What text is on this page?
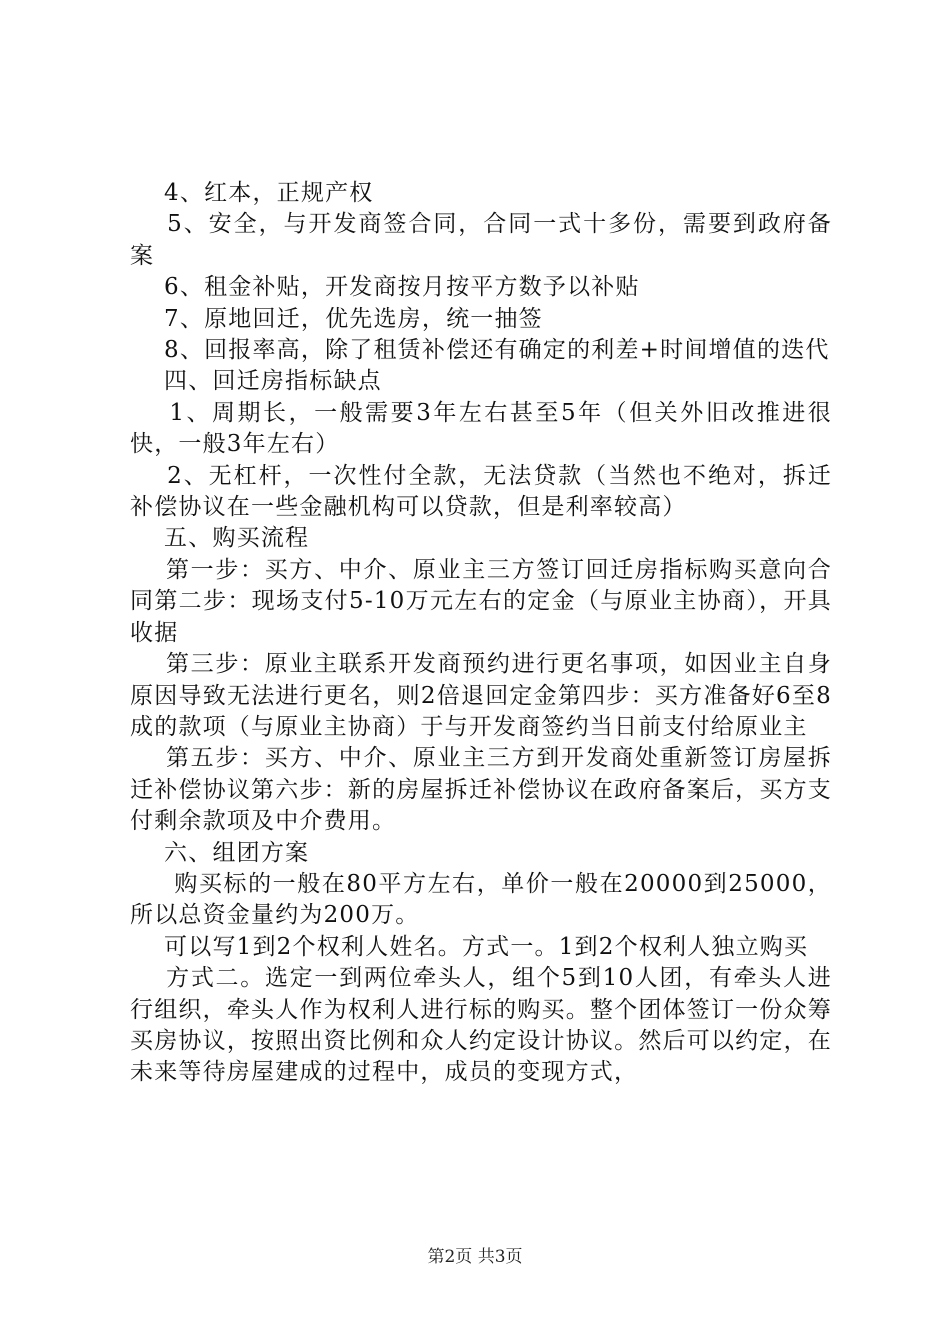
4、红本，正规产权

5、安全，与开发商签合同，合同一式十多份，需要到政府备案

6、租金补贴，开发商按月按平方数予以补贴

7、原地回迁，优先选房，统一抽签

8、回报率高，除了租赁补偿还有确定的利差+时间增值的迭代

四、回迁房指标缺点

1、周期长，一般需要3年左右甚至5年（但关外旧改推进很快，一般3年左右）

2、无杠杆，一次性付全款，无法贷款（当然也不绝对，拆迁补偿协议在一些金融机构可以贷款，但是利率较高）

五、购买流程

第一步：买方、中介、原业主三方签订回迁房指标购买意向合同第二步：现场支付5-10万元左右的定金（与原业主协商），开具收据

第三步：原业主联系开发商预约进行更名事项，如因业主自身原因导致无法进行更名，则2倍退回定金第四步：买方准备好6至8成的款项（与原业主协商）于与开发商签约当日前支付给原业主

第五步：买方、中介、原业主三方到开发商处重新签订房屋拆迁补偿协议第六步：新的房屋拆迁补偿协议在政府备案后，买方支付剩余款项及中介费用。

六、组团方案

购买标的一般在80平方左右，单价一般在20000到25000，所以总资金量约为200万。

可以写1到2个权利人姓名。方式一。1到2个权利人独立购买

方式二。选定一到两位牵头人，组个5到10人团，有牵头人进行组织，牵头人作为权利人进行标的购买。整个团体签订一份众筹买房协议，按照出资比例和众人约定设计协议。然后可以约定，在未来等待房屋建成的过程中，成员的变现方式，

第2页 共3页
